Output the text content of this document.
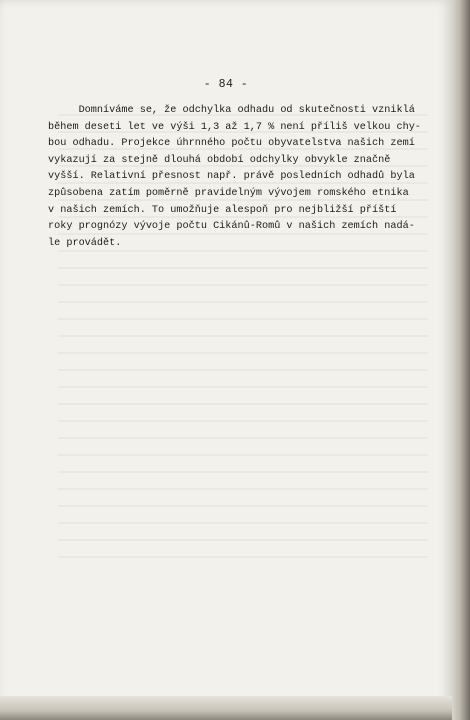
- 84 -

Domníváme se, že odchylka odhadu od skutečnosti vzniklá
během deseti let ve výši 1,3 až 1,7 % není příliš velkou chy-
bou odhadu. Projekce úhrnného počtu obyvatelstva našich zemí
vykazují za stejně dlouhá období odchylky obvykle značně
vyšší. Relativní přesnost např. právě posledních odhadů byla
způsobena zatím poměrně pravidelným vývojem romského etnika
v našich zemích. To umožňuje alespoň pro nejbližší příští
roky prognózy vývoje počtu Cikánů-Romů v našich zemích nadá-
le provádět.
